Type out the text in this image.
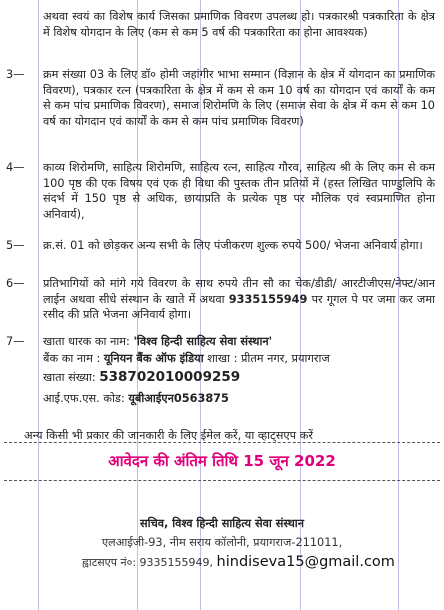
अथवा स्वयं का विशेष कार्य जिसका प्रमाणिक विवरण उपलब्ध हो। पत्रकारश्री पत्रकारिता के क्षेत्र में विशेष योगदान के लिए (कम से कम 5 वर्ष की पत्रकारिता का होना आवश्यक)
3— क्रम संख्या 03 के लिए डॉ० होमी जहांगीर भाभा सम्मान (विज्ञान के क्षेत्र में योगदान का प्रमाणिक विवरण), पत्रकार रत्न (पत्रकारिता के क्षेत्र में कम से कम 10 वर्ष का योगदान एवं कार्यों के कम से कम पांच प्रमाणिक विवरण), समाज शिरोमणि के लिए (समाज सेवा के क्षेत्र में कम से कम 10 वर्ष का योगदान एवं कार्यों के कम से कम पांच प्रमाणिक विवरण)
4— काव्य शिरोमणि, साहित्य शिरोमणि, साहित्य रत्न, साहित्य गौरव, साहित्य श्री के लिए कम से कम 100 पृष्ठ की एक विषय एवं एक ही विधा की पुस्तक तीन प्रतियों में (हस्त लिखित पाण्डुलिपि के संदर्भ में 150 पृष्ठ से अधिक, छायाप्रति के प्रत्येक पृष्ठ पर मौलिक एवं स्वप्रमाणित होना अनिवार्य),
5— क्र.सं. 01 को छोड़कर अन्य सभी के लिए पंजीकरण शुल्क रुपये 500/ भेजना अनिवार्य होगा।
6— प्रतिभागियों को मांगे गये विवरण के साथ रुपये तीन सौ का चेक/डीडी/ आरटीजीएस/नेफ्ट/आन लाईन अथवा सीधे संस्थान के खाते में अथवा 9335155949 पर गूगल पे पर जमा कर जमा रसीद की प्रति भेजना अनिवार्य होगा।
7— खाता धारक का नाम: 'विश्व हिन्दी साहित्य सेवा संस्थान'
बैंक का नाम : यूनियन बैंक ऑफ इंडिया शाखा : प्रीतम नगर, प्रयागराज
खाता संख्या: 538702010009259
आई.एफ.एस. कोड: यूबीआईएन0563875
अन्य किसी भी प्रकार की जानकारी के लिए ईमेल करें, या व्हाट्सएप करें
आवेदन की अंतिम तिथि 15 जून 2022
सचिव, विश्व हिन्दी साहित्य सेवा संस्थान
एलआईजी-93, नीम सराय कॉलोनी, प्रयागराज-211011,
ह्वाटसएप नं०: 9335155949, hindiseva15@gmail.com
